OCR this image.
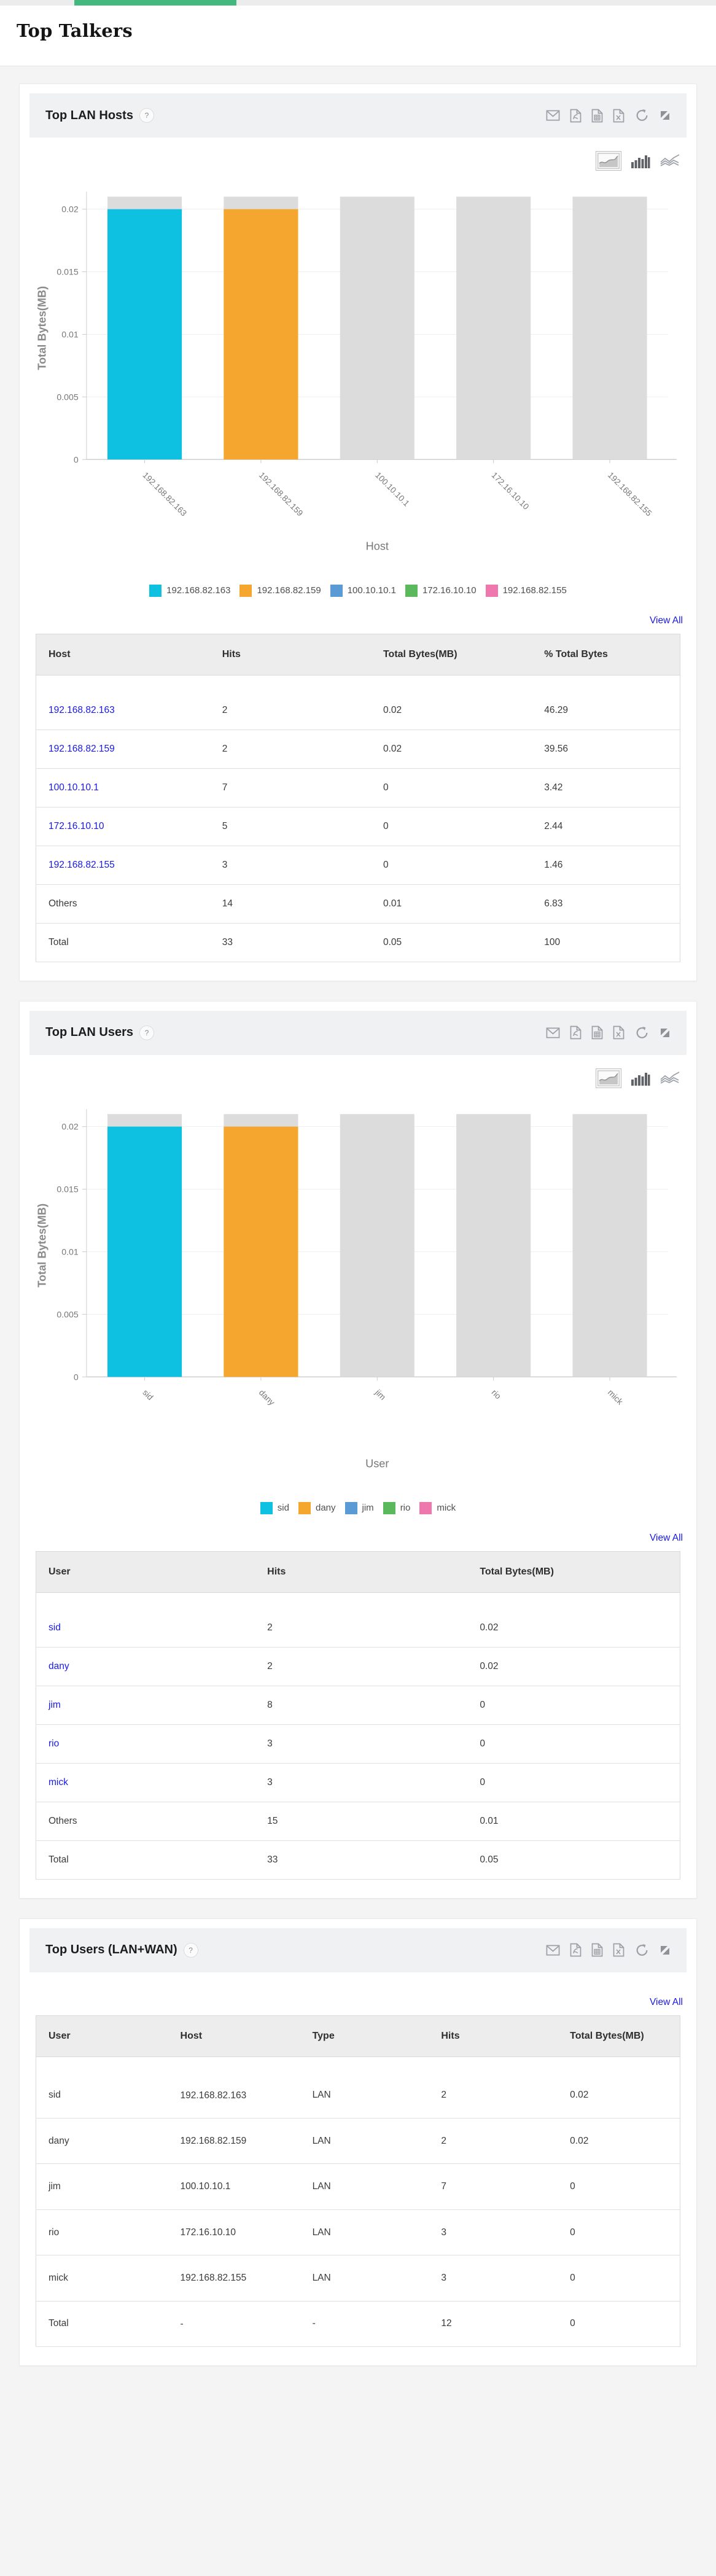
Top Talkers
Top LAN Hosts	?
0
0.005
0.01
0.015
0.02
192.168.82.163	192.168.82.159	100.10.10.1	172.16.10.10	192.168.82.155
Total Bytes(MB)
Host
192.168.82.163	192.168.82.159	100.10.10.1	172.16.10.10	192.168.82.155
View All
Host	Hits	Total Bytes(MB)	% Total Bytes
192.168.82.163	2	0.02	46.29
192.168.82.159	2	0.02	39.56
100.10.10.1	7	0	3.42
172.16.10.10	5	0	2.44
192.168.82.155	3	0	1.46
Others	14	0.01	6.83
Total	33	0.05	100
Top LAN Users	?
0
0.005
0.01
0.015
0.02
sid	dany	jim	rio	mick
Total Bytes(MB)
User
sid	dany	jim	rio	mick
View All
User	Hits	Total Bytes(MB)
sid	2	0.02
dany	2	0.02
jim	8	0
rio	3	0
mick	3	0
Others	15	0.01
Total	33	0.05
Top Users (LAN+WAN)	?
View All
User	Host	Type	Hits	Total Bytes(MB)
sid	192.168.82.163	LAN	2	0.02
dany	192.168.82.159	LAN	2	0.02
jim	100.10.10.1	LAN	7	0
rio	172.16.10.10	LAN	3	0
mick	192.168.82.155	LAN	3	0
Total	-	-	12	0
